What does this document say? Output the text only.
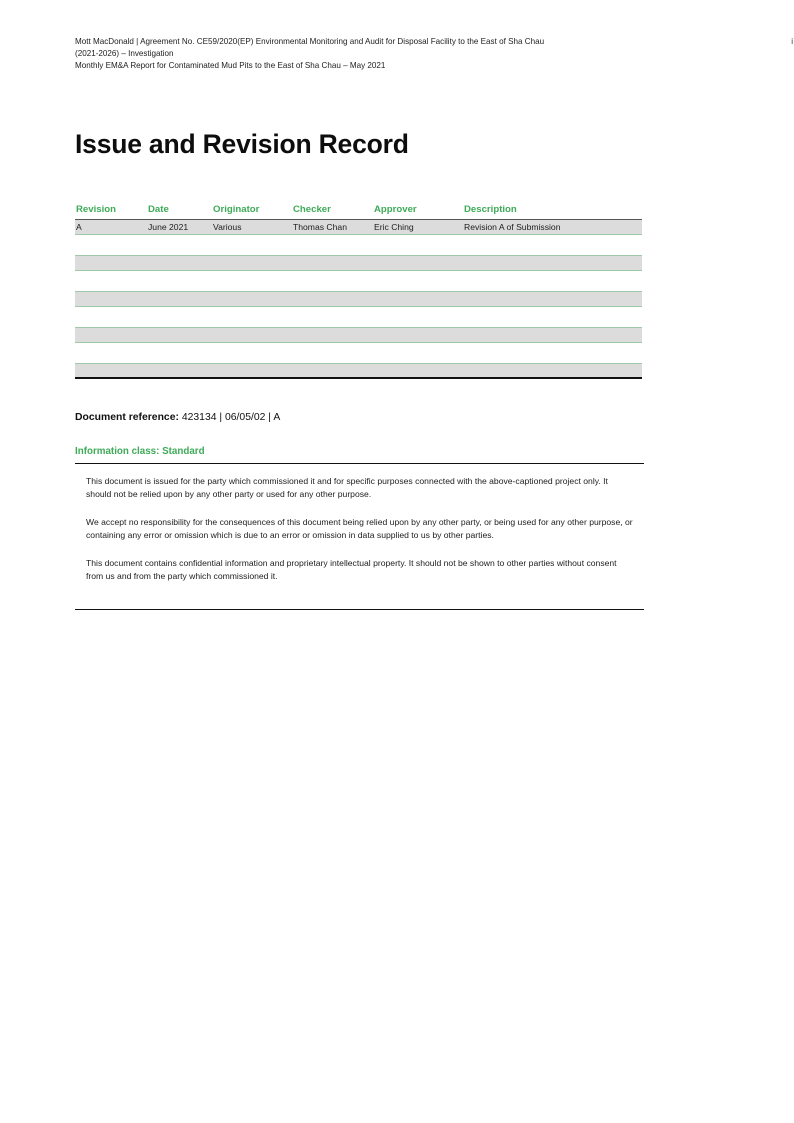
Mott MacDonald | Agreement No. CE59/2020(EP) Environmental Monitoring and Audit for Disposal Facility to the East of Sha Chau
(2021-2026) – Investigation
Monthly EM&A Report for Contaminated Mud Pits to the East of Sha Chau – May 2021
i
Issue and Revision Record
Revision	Date	Originator	Checker	Approver	Description
A	June 2021	Various	Thomas Chan	Eric Ching	Revision A of Submission
Document reference: 423134 | 06/05/02 | A
Information class: Standard

This document is issued for the party which commissioned it and for specific purposes connected with the above-captioned project only. It should not be relied upon by any other party or used for any other purpose.

We accept no responsibility for the consequences of this document being relied upon by any other party, or being used for any other purpose, or containing any error or omission which is due to an error or omission in data supplied to us by other parties.

This document contains confidential information and proprietary intellectual property. It should not be shown to other parties without consent from us and from the party which commissioned it.
